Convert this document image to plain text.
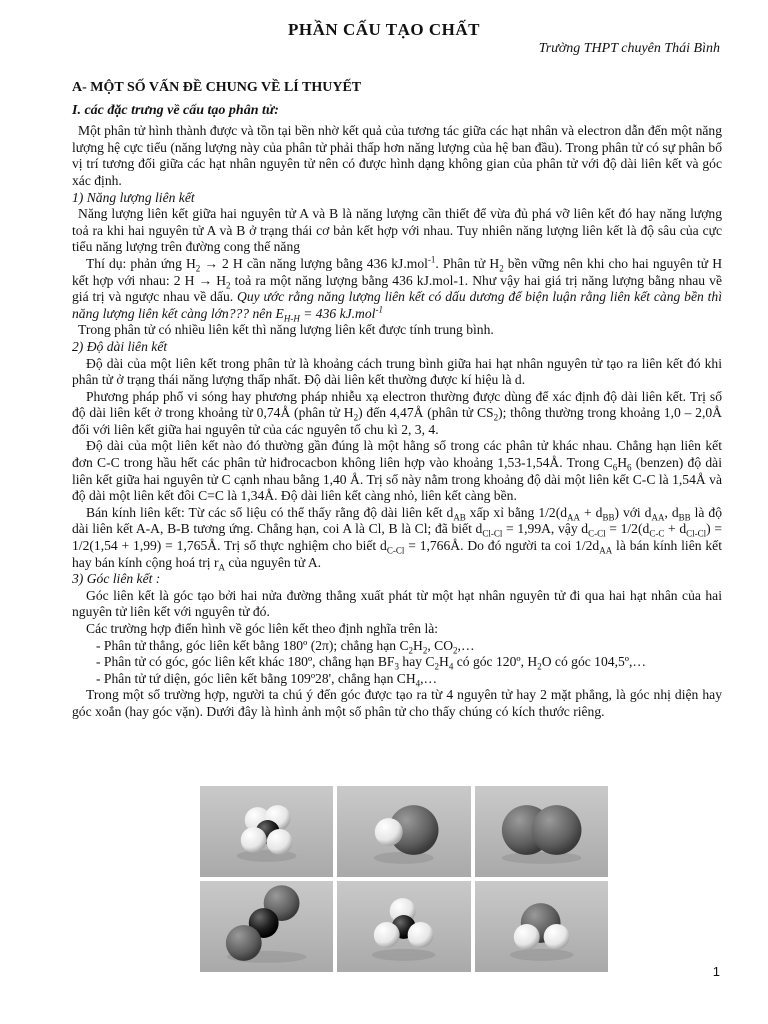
PHẦN CẤU TẠO CHẤT
Trường THPT chuyên Thái Bình

A- MỘT SỐ VẤN ĐỀ CHUNG VỀ LÍ THUYẾT

I. các đặc trưng về cấu tạo phân tử:

Một phân tử hình thành được và tồn tại bền nhờ kết quả của tương tác giữa các hạt nhân và electron dẫn đến một năng lượng hệ cực tiểu (năng lượng này của phân tử phải thấp hơn năng lượng của hệ ban đầu). Trong phân tử có sự phân bố vị trí tương đối giữa các hạt nhân nguyên tử nên có được hình dạng không gian của phân tử với độ dài liên kết và góc xác định.

1) Năng lượng liên kết

Năng lượng liên kết giữa hai nguyên tử A và B là năng lượng cần thiết để vừa đủ phá vỡ liên kết đó hay năng lượng toả ra khi hai nguyên tử A và B ở trạng thái cơ bản kết hợp với nhau. Tuy nhiên năng lượng liên kết là độ sâu của cực tiểu năng lượng trên đường cong thế năng

Thí dụ: phản ứng $H_2 \to 2$ H cần năng lượng bằng 436 kJ.mol$^{-1}$. Phân tử $H_2$ bền vững nên khi cho hai nguyên tử H kết hợp với nhau: 2 $H \to H_2$ toả ra một năng lượng bằng 436 kJ.mol-1. Như vậy hai giá trị năng lượng bằng nhau về giá trị và ngược nhau về dấu. Quy ước rằng năng lượng liên kết có dấu dương để biện luận rằng liên kết càng bền thì năng lượng liên kết càng lớn??? nên $E_{H-H} = 436$ kJ.mol$^{-1}$

Trong phân tử có nhiều liên kết thì năng lượng liên kết được tính trung bình.

2) Độ dài liên kết

Độ dài của một liên kết trong phân tử là khoảng cách trung bình giữa hai hạt nhân nguyên tử tạo ra liên kết đó khi phân tử ở trạng thái năng lượng thấp nhất. Độ dài liên kết thường được kí hiệu là d.

Phương pháp phổ vi sóng hay phương pháp nhiễu xạ electron thường được dùng để xác định độ dài liên kết. Trị số độ dài liên kết ở trong khoảng từ 0,74Å (phân tử $H_2$) đến 4,47Å (phân tử $CS_2$); thông thường trong khoảng 1,0 – 2,0Å đối với liên kết giữa hai nguyên tử của các nguyên tố chu kì 2, 3, 4.

Độ dài của một liên kết nào đó thường gần đúng là một hằng số trong các phân tử khác nhau. Chẳng hạn liên kết đơn C-C trong hầu hết các phân tử hiđrocacbon không liên hợp vào khoảng 1,53-1,54Å. Trong $C_6H_6$ (benzen) độ dài liên kết giữa hai nguyên tử C cạnh nhau bằng 1,40 Å. Trị số này nằm trong khoảng độ dài một liên kết C-C là 1,54Å và độ dài một liên kết đôi C=C là 1,34Å. Độ dài liên kết càng nhỏ, liên kết càng bền.

Bán kính liên kết: Từ các số liệu có thể thấy rằng độ dài liên kết $d_{AB}$ xấp xỉ bằng $1/2(d_{AA} + d_{BB})$ với $d_{AA}$, $d_{BB}$ là độ dài liên kết A-A, B-B tương ứng. Chẳng hạn, coi A là Cl, B là Cl; đã biết $d_{Cl-Cl} = 1,99A$, vậy $d_{C-Cl} = 1/2(d_{C-C} + d_{Cl-Cl}) = 1/2(1,54 + 1,99)$ = 1,765Å. Trị số thực nghiệm cho biết $d_{C-Cl}$ = 1,766Å. Do đó người ta coi $1/2d_{AA}$ là bán kính liên kết hay bán kính cộng hoá trị $r_A$ của nguyên tử A.

3) Góc liên kết :

Góc liên kết là góc tạo bởi hai nửa đường thẳng xuất phát từ một hạt nhân nguyên tử đi qua hai hạt nhân của hai nguyên tử liên kết với nguyên tử đó.

Các trường hợp điển hình về góc liên kết theo định nghĩa trên là:

- Phân tử thẳng, góc liên kết bằng 180º (2π); chẳng hạn $C_2H_2$, $CO_2,\dots$

- Phân tử có góc, góc liên kết khác 180º, chẳng hạn $BF_3$ hay $C_2H_4$ có góc 120º, $H_2O$ có góc 104,5º,…

- Phân tử tứ diện, góc liên kết bằng 109º28', chẳng hạn $CH_4,\dots$

Trong một số trường hợp, người ta chú ý đến góc được tạo ra từ 4 nguyên tử hay 2 mặt phẳng, là góc nhị diện hay góc xoắn (hay góc vặn). Dưới đây là hình ảnh một số phân tử cho thấy chúng có kích thước riêng.

1
